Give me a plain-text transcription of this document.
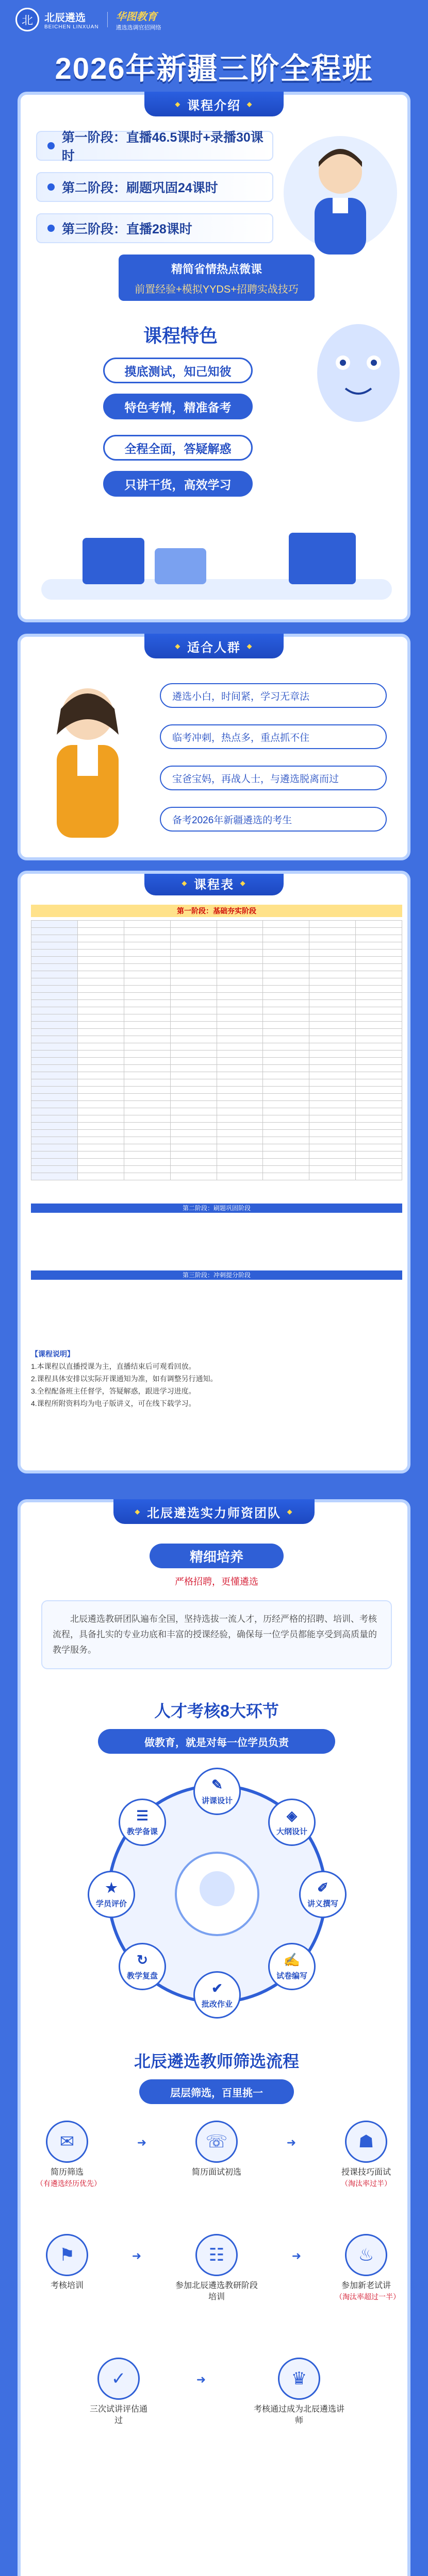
北	北辰遴选
BEICHEN LINXUAN
华图教育
遴选选调官招网络
2026年新疆三阶全程班
◆ 课程介绍 ◆
第一阶段：直播46.5课时+录播30课时
第二阶段：刷题巩固24课时
第三阶段：直播28课时
精简省情热点微课
前置经验+模拟YYDS+招聘实战技巧
课程特色
摸底测试，知己知彼
特色考情，精准备考
全程全面，答疑解惑
只讲干货，高效学习
◆ 适合人群 ◆
遴选小白，时间紧，学习无章法
临考冲刺，热点多，重点抓不住
宝爸宝妈，再战人士，与遴选脱离而过
备考2026年新疆遴选的考生
◆ 课程表 ◆
第一阶段：基础夯实阶段

第二阶段：刷题巩固阶段
第三阶段：冲刺提分阶段

【课程说明】

1.本课程以直播授课为主，直播结束后可观看回放。

2.课程具体安排以实际开课通知为准，如有调整另行通知。

3.全程配备班主任督学，答疑解惑，跟进学习进度。

4.课程所附资料均为电子版讲义，可在线下载学习。

◆ 北辰遴选实力师资团队 ◆
精细培养
严格招聘，更懂遴选

北辰遴选教研团队遍布全国，坚持选拔一流人才，历经严格的招聘、培训、考核流程，具备扎实的专业功底和丰富的授课经验，确保每一位学员都能享受到高质量的教学服务。

人才考核8大环节
做教育，就是对每一位学员负责
✎
讲课设计
☰
教学备课
◈
大纲设计
✐
讲义撰写
✍
试卷编写
✔
批改作业
↻
教学复盘
★
学员评价
北辰遴选教师筛选流程
层层筛选，百里挑一
✉
简历筛选
（有遴选经历优先）
➜	☏
简历面试初选
➜	☗
授课技巧面试
（淘汰率过半）
⚑
考核培训
➜	☷
参加北辰遴选教研阶段培训
➜	♨
参加新老试讲
（淘汰率超过一半）
✓
三次试讲评估通过
➜	♛
考核通过成为北辰遴选讲师
